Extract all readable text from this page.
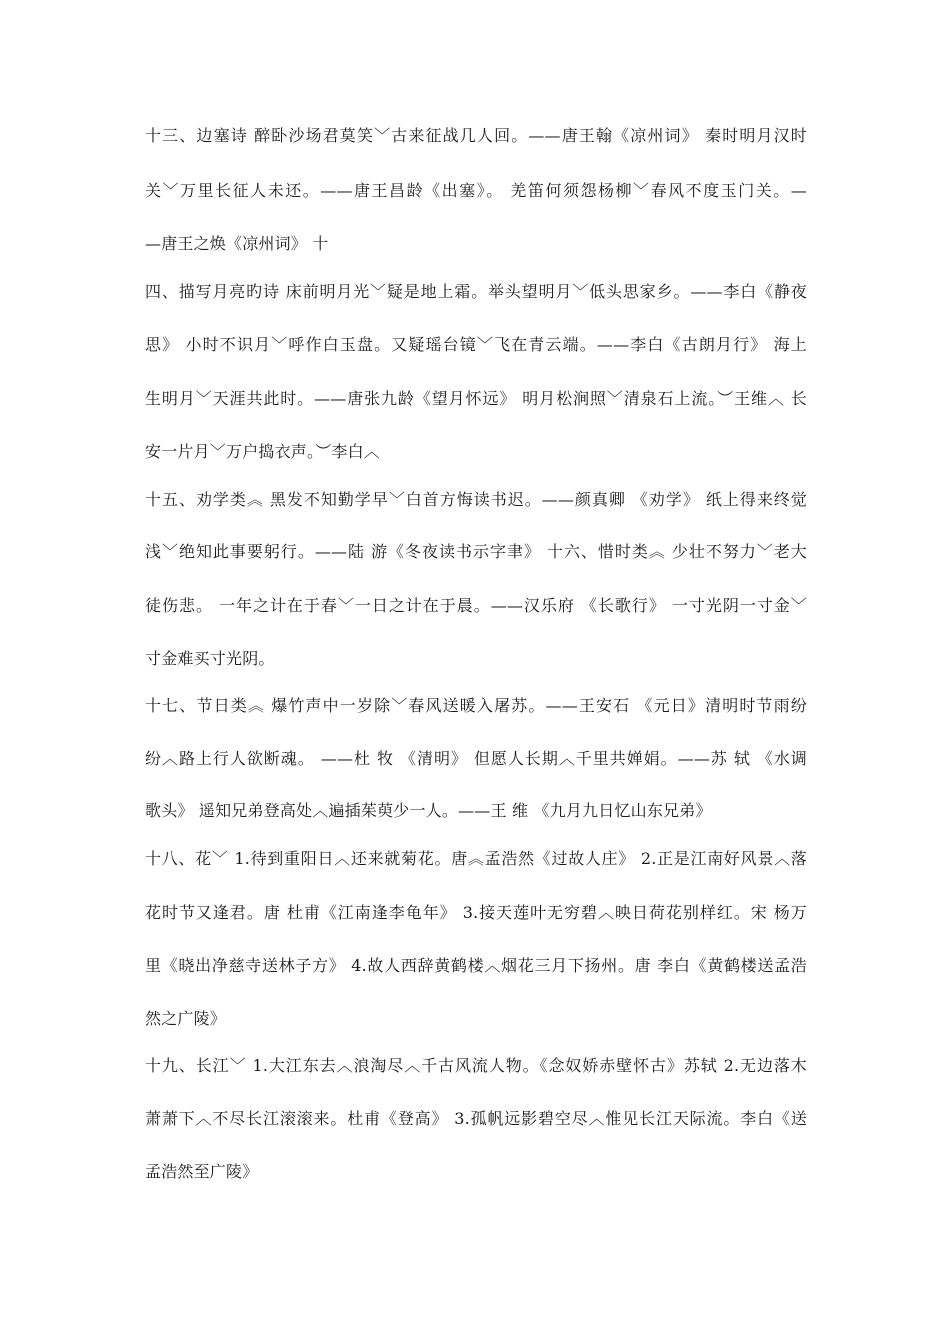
十三、边塞诗 醉卧沙场君莫笑﹀古来征战几人回。——唐王翰《凉州词》 秦时明月汉时

关﹀万里长征人未还。——唐王昌龄《出塞》。 羌笛何须怨杨柳﹀春风不度玉门关。—

—唐王之焕《凉州词》 十

四、描写月亮旳诗 床前明月光﹀疑是地上霜。举头望明月﹀低头思家乡。——李白《静夜

思》 小时不识月﹀呼作白玉盘。又疑瑶台镜﹀飞在青云端。——李白《古朗月行》 海上

生明月﹀天涯共此时。——唐张九龄《望月怀远》 明月松涧照﹀清泉石上流。︶王维︿ 长

安一片月﹀万户捣衣声。︶李白︿

十五、劝学类︽ 黑发不知勤学早﹀白首方悔读书迟。——颜真卿 《劝学》 纸上得来终觉

浅﹀绝知此事要躬行。——陆 游《冬夜读书示字聿》 十六、惜时类︽ 少壮不努力﹀老大

徒伤悲。 一年之计在于春﹀一日之计在于晨。——汉乐府 《长歌行》 一寸光阴一寸金﹀

寸金难买寸光阴。

十七、节日类︽ 爆竹声中一岁除﹀春风送暖入屠苏。——王安石 《元日》清明时节雨纷

纷︿路上行人欲断魂。 ——杜 牧 《清明》 但愿人长期︿千里共婵娟。——苏 轼 《水调

歌头》 遥知兄弟登高处︿遍插茱萸少一人。——王 维 《九月九日忆山东兄弟》

十八、花﹀ 1.待到重阳日︿还来就菊花。唐︽孟浩然《过故人庄》 2.正是江南好风景︿落

花时节又逢君。唐 杜甫《江南逢李龟年》 3.接天莲叶无穷碧︿映日荷花别样红。宋 杨万

里《晓出净慈寺送林子方》 4.故人西辞黄鹤楼︿烟花三月下扬州。唐 李白《黄鹤楼送孟浩

然之广陵》

十九、长江﹀ 1.大江东去︿浪淘尽︿千古风流人物。《念奴娇赤壁怀古》苏轼 2.无边落木

萧萧下︿不尽长江滚滚来。杜甫《登高》 3.孤帆远影碧空尽︿惟见长江天际流。李白《送

孟浩然至广陵》
